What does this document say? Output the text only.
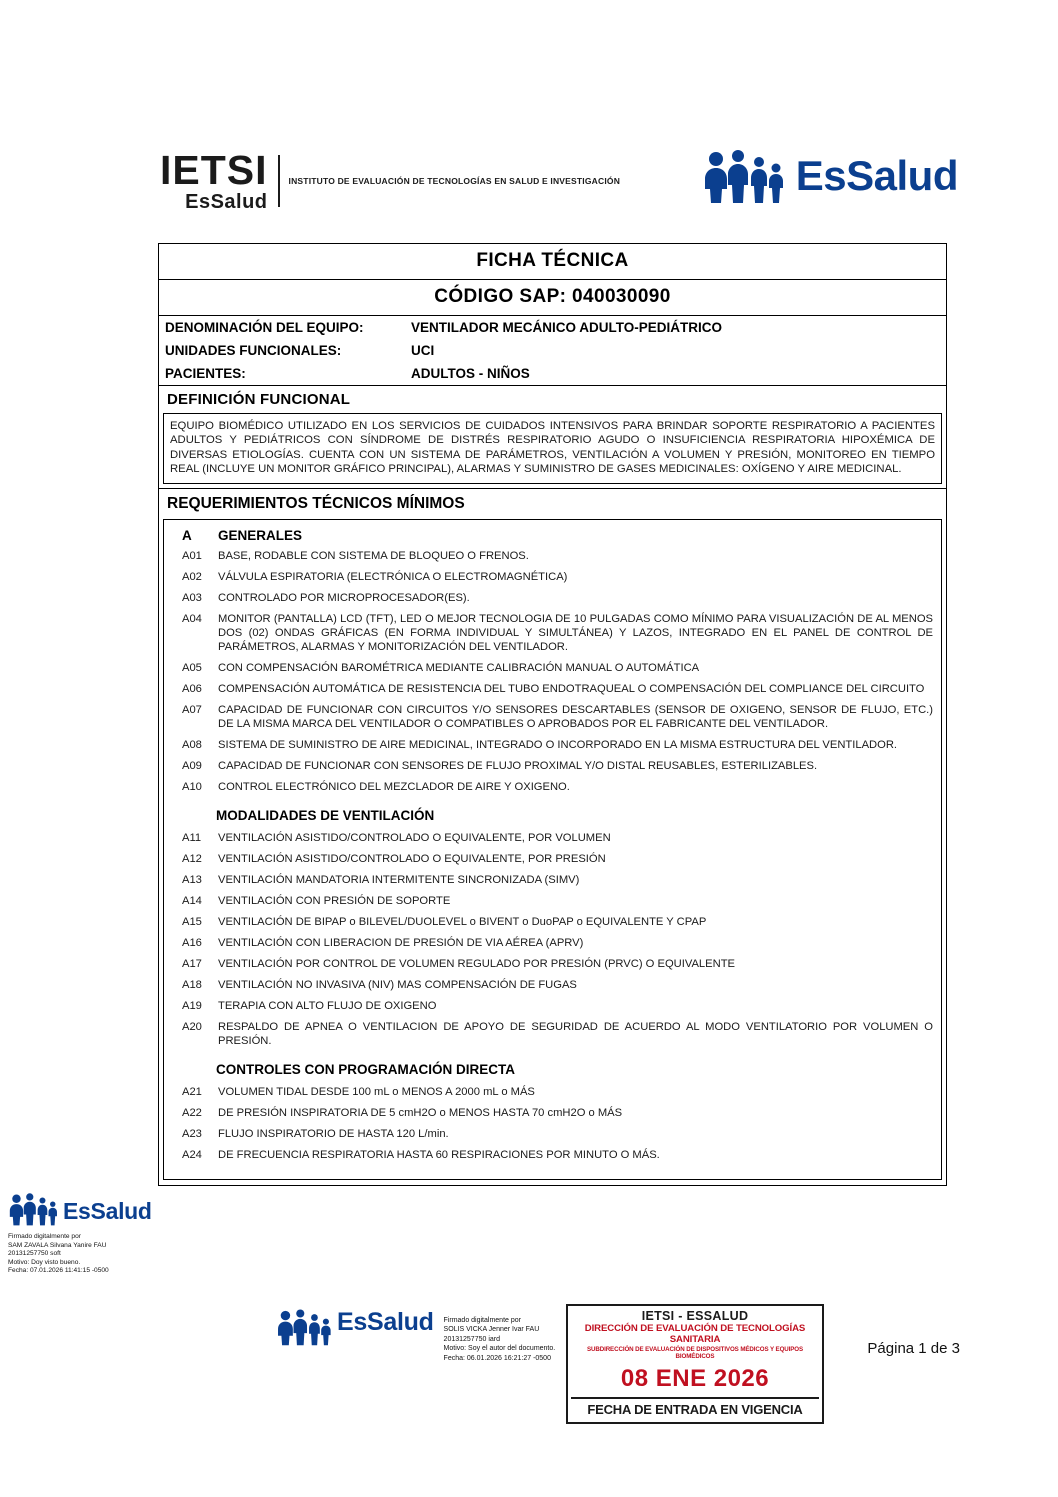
IETSI
EsSalud
INSTITUTO DE EVALUACIÓN DE TECNOLOGÍAS EN SALUD E INVESTIGACIÓN	EsSalud
FICHA TÉCNICA
CÓDIGO SAP: 040030090
DENOMINACIÓN DEL EQUIPO:	VENTILADOR MECÁNICO ADULTO-PEDIÁTRICO
UNIDADES FUNCIONALES:	UCI
PACIENTES:	ADULTOS - NIÑOS
DEFINICIÓN FUNCIONAL
EQUIPO BIOMÉDICO UTILIZADO EN LOS SERVICIOS DE CUIDADOS INTENSIVOS PARA BRINDAR SOPORTE RESPIRATORIO A PACIENTES ADULTOS Y PEDIÁTRICOS CON SÍNDROME DE DISTRÉS RESPIRATORIO AGUDO O INSUFICIENCIA RESPIRATORIA HIPOXÉMICA DE DIVERSAS ETIOLOGÍAS. CUENTA CON UN SISTEMA DE PARÁMETROS, VENTILACIÓN A VOLUMEN Y PRESIÓN, MONITOREO EN TIEMPO REAL (INCLUYE UN MONITOR GRÁFICO PRINCIPAL), ALARMAS Y SUMINISTRO DE GASES MEDICINALES: OXÍGENO Y AIRE MEDICINAL.
REQUERIMIENTOS TÉCNICOS MÍNIMOS
A	GENERALES
A01	BASE, RODABLE CON SISTEMA DE BLOQUEO O FRENOS.
A02	VÁLVULA ESPIRATORIA (ELECTRÓNICA O ELECTROMAGNÉTICA)
A03	CONTROLADO POR MICROPROCESADOR(ES).
A04	MONITOR (PANTALLA) LCD (TFT), LED O MEJOR TECNOLOGIA DE 10 PULGADAS COMO MÍNIMO PARA VISUALIZACIÓN DE AL MENOS DOS (02) ONDAS GRÁFICAS (EN FORMA INDIVIDUAL Y SIMULTÁNEA) Y LAZOS, INTEGRADO EN EL PANEL DE CONTROL DE PARÁMETROS, ALARMAS Y MONITORIZACIÓN DEL VENTILADOR.
A05	CON COMPENSACIÓN BAROMÉTRICA MEDIANTE CALIBRACIÓN MANUAL O AUTOMÁTICA
A06	COMPENSACIÓN AUTOMÁTICA DE RESISTENCIA DEL TUBO ENDOTRAQUEAL O COMPENSACIÓN DEL COMPLIANCE DEL CIRCUITO
A07	CAPACIDAD DE FUNCIONAR CON CIRCUITOS Y/O SENSORES DESCARTABLES (SENSOR DE OXIGENO, SENSOR DE FLUJO, ETC.) DE LA MISMA MARCA DEL VENTILADOR O COMPATIBLES O APROBADOS POR EL FABRICANTE DEL VENTILADOR.
A08	SISTEMA DE SUMINISTRO DE AIRE MEDICINAL, INTEGRADO O INCORPORADO EN LA MISMA ESTRUCTURA DEL VENTILADOR.
A09	CAPACIDAD DE FUNCIONAR CON SENSORES DE FLUJO PROXIMAL Y/O DISTAL REUSABLES, ESTERILIZABLES.
A10	CONTROL ELECTRÓNICO DEL MEZCLADOR DE AIRE Y OXIGENO.
MODALIDADES DE VENTILACIÓN
A11	VENTILACIÓN ASISTIDO/CONTROLADO O EQUIVALENTE, POR VOLUMEN
A12	VENTILACIÓN ASISTIDO/CONTROLADO O EQUIVALENTE, POR PRESIÓN
A13	VENTILACIÓN MANDATORIA INTERMITENTE SINCRONIZADA (SIMV)
A14	VENTILACIÓN CON PRESIÓN DE SOPORTE
A15	VENTILACIÓN DE BIPAP o BILEVEL/DUOLEVEL o BIVENT o DuoPAP o EQUIVALENTE Y CPAP
A16	VENTILACIÓN CON LIBERACION DE PRESIÓN DE VIA AÉREA (APRV)
A17	VENTILACIÓN POR CONTROL DE VOLUMEN REGULADO POR PRESIÓN (PRVC) O EQUIVALENTE
A18	VENTILACIÓN NO INVASIVA (NIV) MAS COMPENSACIÓN DE FUGAS
A19	TERAPIA CON ALTO FLUJO DE OXIGENO
A20	RESPALDO DE APNEA O VENTILACION DE APOYO DE SEGURIDAD DE ACUERDO AL MODO VENTILATORIO POR VOLUMEN O PRESIÓN.
CONTROLES CON PROGRAMACIÓN DIRECTA
A21	VOLUMEN TIDAL DESDE 100 mL o MENOS A 2000 mL o MÁS
A22	DE PRESIÓN INSPIRATORIA DE 5 cmH2O o MENOS HASTA 70 cmH2O o MÁS
A23	FLUJO INSPIRATORIO DE HASTA 120 L/min.
A24	DE FRECUENCIA RESPIRATORIA HASTA 60 RESPIRACIONES POR MINUTO O MÁS.
EsSalud
Firmado digitalmente por
SAM ZAVALA Silvana Yanire FAU
20131257750 soft
Motivo: Doy visto bueno.
Fecha: 07.01.2026 11:41:15 -0500
EsSalud Firmado digitalmente por
SOLIS VICKA Jenner Ivar FAU
20131257750 iard
Motivo: Soy el autor del documento.
Fecha: 06.01.2026 16:21:27 -0500
IETSI - ESSALUD
DIRECCIÓN DE EVALUACIÓN DE TECNOLOGÍAS SANITARIA
SUBDIRECCIÓN DE EVALUACIÓN DE DISPOSITIVOS MÉDICOS Y EQUIPOS BIOMÉDICOS
08 ENE 2026
FECHA DE ENTRADA EN VIGENCIA
Página 1 de 3
